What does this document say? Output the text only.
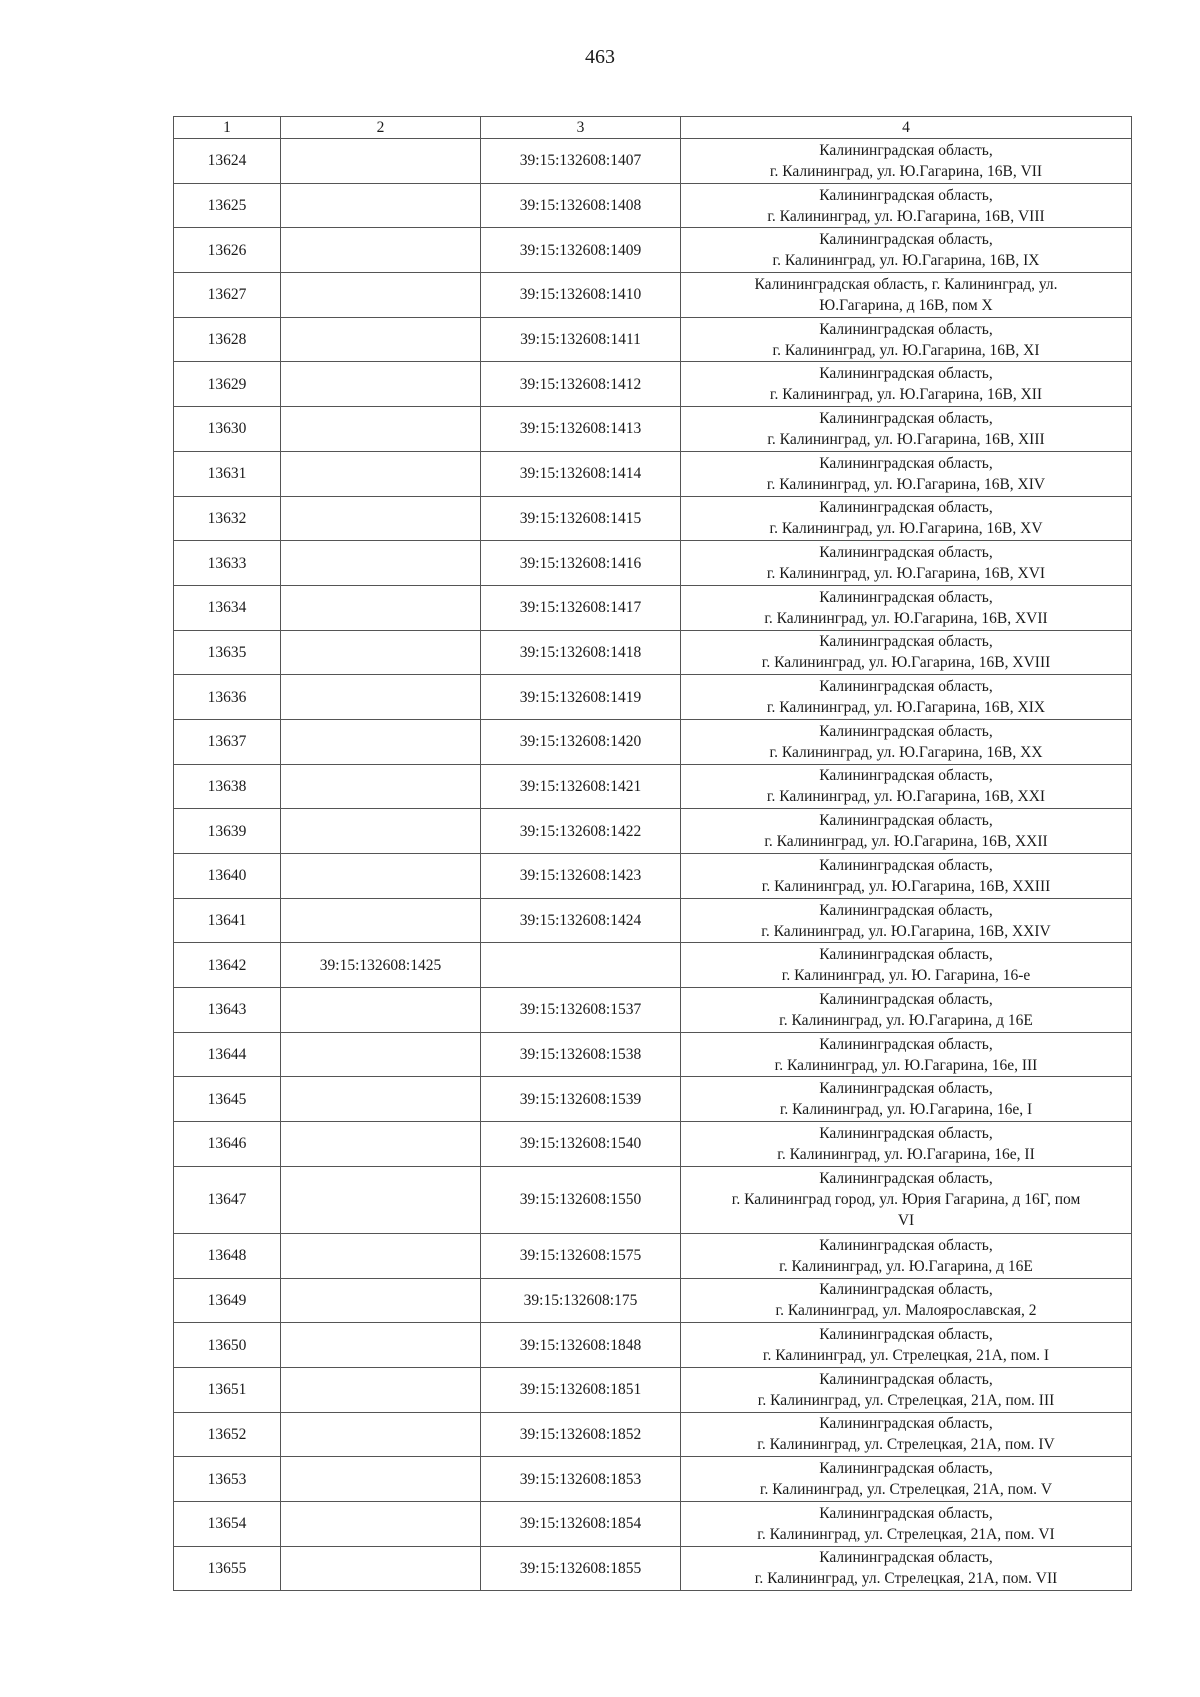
463
1	2	3	4
13624		39:15:132608:1407	Калининградская область,
г. Калининград, ул. Ю.Гагарина, 16В, VII

13625		39:15:132608:1408	Калининградская область,
г. Калининград, ул. Ю.Гагарина, 16В, VIII

13626		39:15:132608:1409	Калининградская область,
г. Калининград, ул. Ю.Гагарина, 16В, IX

13627		39:15:132608:1410	Калининградская область, г. Калининград, ул.
Ю.Гагарина, д 16В, пом X

13628		39:15:132608:1411	Калининградская область,
г. Калининград, ул. Ю.Гагарина, 16В, XI

13629		39:15:132608:1412	Калининградская область,
г. Калининград, ул. Ю.Гагарина, 16В, XII

13630		39:15:132608:1413	Калининградская область,
г. Калининград, ул. Ю.Гагарина, 16В, XIII

13631		39:15:132608:1414	Калининградская область,
г. Калининград, ул. Ю.Гагарина, 16В, XIV

13632		39:15:132608:1415	Калининградская область,
г. Калининград, ул. Ю.Гагарина, 16В, XV

13633		39:15:132608:1416	Калининградская область,
г. Калининград, ул. Ю.Гагарина, 16В, XVI

13634		39:15:132608:1417	Калининградская область,
г. Калининград, ул. Ю.Гагарина, 16В, XVII

13635		39:15:132608:1418	Калининградская область,
г. Калининград, ул. Ю.Гагарина, 16В, XVIII

13636		39:15:132608:1419	Калининградская область,
г. Калининград, ул. Ю.Гагарина, 16В, XIX

13637		39:15:132608:1420	Калининградская область,
г. Калининград, ул. Ю.Гагарина, 16В, XX

13638		39:15:132608:1421	Калининградская область,
г. Калининград, ул. Ю.Гагарина, 16В, XXI

13639		39:15:132608:1422	Калининградская область,
г. Калининград, ул. Ю.Гагарина, 16В, XXII

13640		39:15:132608:1423	Калининградская область,
г. Калининград, ул. Ю.Гагарина, 16В, XXIII

13641		39:15:132608:1424	Калининградская область,
г. Калининград, ул. Ю.Гагарина, 16В, XXIV

13642	39:15:132608:1425		Калининградская область,
г. Калининград, ул. Ю. Гагарина, 16-е

13643		39:15:132608:1537	Калининградская область,
г. Калининград, ул. Ю.Гагарина, д 16Е

13644		39:15:132608:1538	Калининградская область,
г. Калининград, ул. Ю.Гагарина, 16е, III

13645		39:15:132608:1539	Калининградская область,
г. Калининград, ул. Ю.Гагарина, 16е, I

13646		39:15:132608:1540	Калининградская область,
г. Калининград, ул. Ю.Гагарина, 16е, II

13647		39:15:132608:1550	Калининградская область,
г. Калининград город, ул. Юрия Гагарина, д 16Г, пом
VI

13648		39:15:132608:1575	Калининградская область,
г. Калининград, ул. Ю.Гагарина, д 16Е

13649		39:15:132608:175	Калининградская область,
г. Калининград, ул. Малоярославская, 2

13650		39:15:132608:1848	Калининградская область,
г. Калининград, ул. Стрелецкая, 21А, пом. I

13651		39:15:132608:1851	Калининградская область,
г. Калининград, ул. Стрелецкая, 21А, пом. III

13652		39:15:132608:1852	Калининградская область,
г. Калининград, ул. Стрелецкая, 21А, пом. IV

13653		39:15:132608:1853	Калининградская область,
г. Калининград, ул. Стрелецкая, 21А, пом. V

13654		39:15:132608:1854	Калининградская область,
г. Калининград, ул. Стрелецкая, 21А, пом. VI

13655		39:15:132608:1855	Калининградская область,
г. Калининград, ул. Стрелецкая, 21А, пом. VII
